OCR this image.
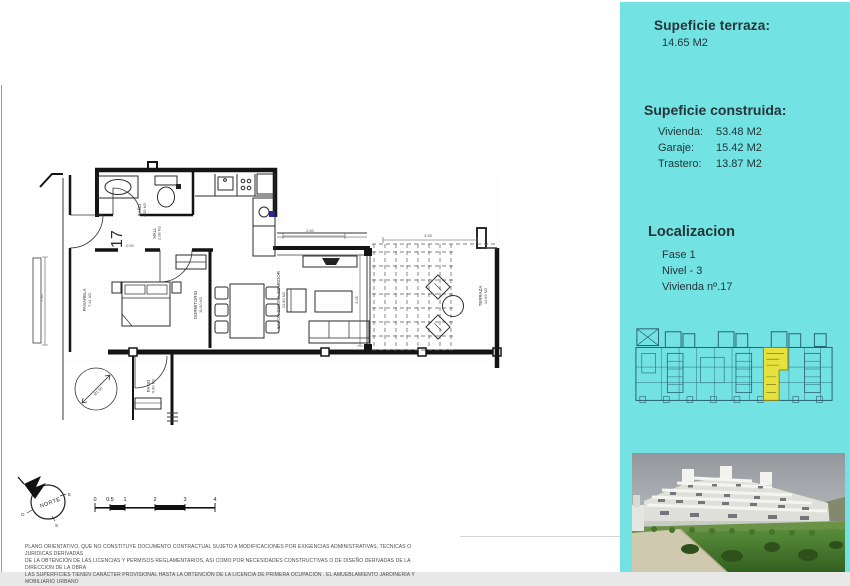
Ø1.50
2.60
3.95
7.45	3.05
0.90
17
BAÑO 4.20 M2
HALL 2.08 M2
DORMITORIO 11.00 M2	SALON-COCINA-COMEDOR 24.80 M2	TERRAZA 14.65 M2
PASARELA 7.41 M2
PATIO 5.80 M2
NORTE
E
S
O
0 0.5 1	2	3	4
PLANO ORIENTATIVO, QUE NO CONSTITUYE DOCUMENTO CONTRACTUAL SUJETO A MODIFICACIONES POR EXIGENCIAS ADMINISTRATIVAS, TECNICAS O JURIDICAS DERIVADAS
DE LA OBTENCIÓN DE LAS LICENCIAS Y PERMISOS REGLAMENTARIOS, ASI COMO POR NECESIDADES CONSTRUCTIVAS O DE DISEÑO DERIVADAS DE LA DIRECCION DE LA OBRA
LAS SUPERFICIES TIENEN CARÁCTER PROVISIONAL HASTA LA OBTENCIÓN DE LA LICENCIA DE PRIMERA OCUPACIÓN . EL AMUEBLAMIENTO JARDINERIA Y MOBILIARIO URBANO
Supeficie terraza:
14.65 M2
Supeficie construida:
Vivienda:	53.48 M2
Garaje:	15.42 M2
Trastero:	13.87 M2
Localizacion
Fase 1
Nivel - 3
Vivienda nº.17
